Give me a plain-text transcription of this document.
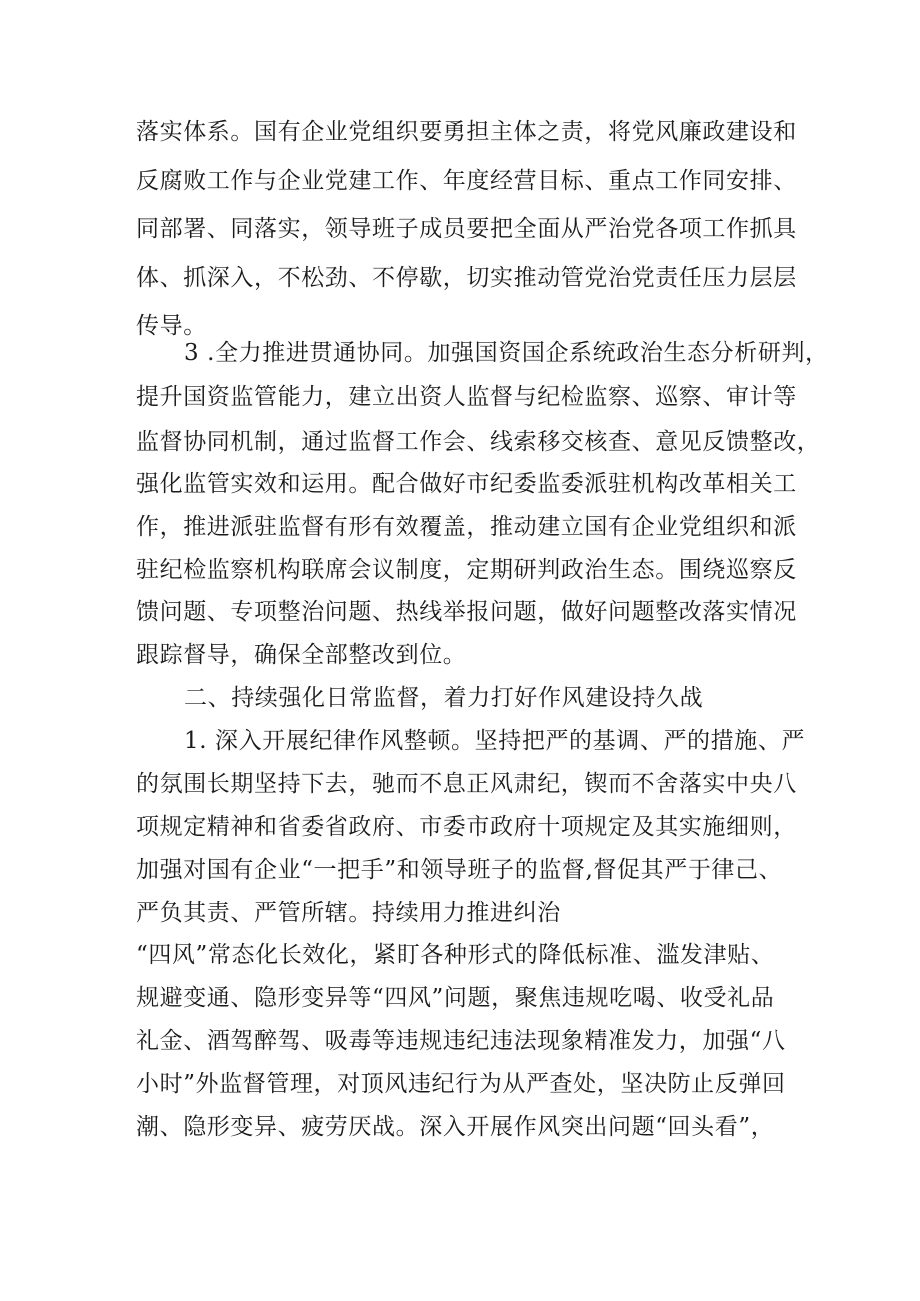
落实体系。国有企业党组织要勇担主体之责，将党风廉政建设和
反腐败工作与企业党建工作、年度经营目标、重点工作同安排、
同部署、同落实，领导班子成员要把全面从严治党各项工作抓具
体、抓深入，不松劲、不停歇，切实推动管党治党责任压力层层
传导。
3 .全力推进贯通协同。加强国资国企系统政治生态分析研判，
提升国资监管能力，建立出资人监督与纪检监察、巡察、审计等
监督协同机制，通过监督工作会、线索移交核查、意见反馈整改，
强化监管实效和运用。配合做好市纪委监委派驻机构改革相关工
作，推进派驻监督有形有效覆盖，推动建立国有企业党组织和派
驻纪检监察机构联席会议制度，定期研判政治生态。围绕巡察反
馈问题、专项整治问题、热线举报问题，做好问题整改落实情况
跟踪督导，确保全部整改到位。
二、持续强化日常监督，着力打好作风建设持久战
1. 深入开展纪律作风整顿。坚持把严的基调、严的措施、严
的氛围长期坚持下去，驰而不息正风肃纪，锲而不舍落实中央八
项规定精神和省委省政府、市委市政府十项规定及其实施细则，
加强对国有企业“一把手”和领导班子的监督,督促其严于律己、
严负其责、严管所辖。持续用力推进纠治
“四风”常态化长效化，紧盯各种形式的降低标准、滥发津贴、
规避变通、隐形变异等“四风”问题，聚焦违规吃喝、收受礼品
礼金、酒驾醉驾、吸毒等违规违纪违法现象精准发力，加强“八
小时”外监督管理，对顶风违纪行为从严查处，坚决防止反弹回
潮、隐形变异、疲劳厌战。深入开展作风突出问题“回头看”，
